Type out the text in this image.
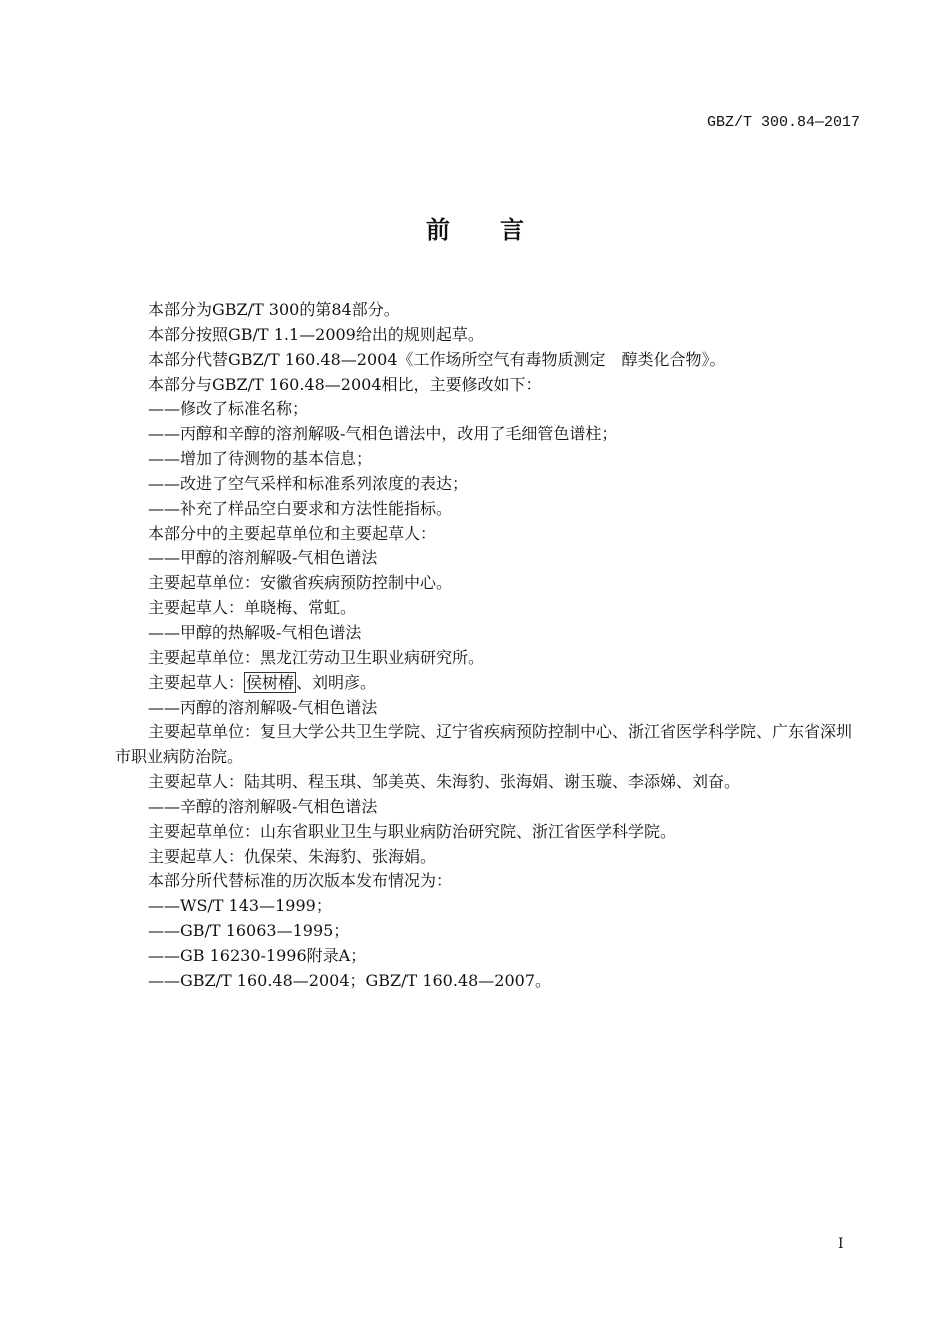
GBZ/T 300.84—2017
前言

本部分为GBZ/T 300的第84部分。

本部分按照GB/T 1.1—2009给出的规则起草。

本部分代替GBZ/T 160.48—2004《工作场所空气有毒物质测定　醇类化合物》。

本部分与GBZ/T 160.48—2004相比，主要修改如下：

——修改了标准名称；

——丙醇和辛醇的溶剂解吸-气相色谱法中，改用了毛细管色谱柱；

——增加了待测物的基本信息；

——改进了空气采样和标准系列浓度的表达；

——补充了样品空白要求和方法性能指标。

本部分中的主要起草单位和主要起草人：

——甲醇的溶剂解吸-气相色谱法

主要起草单位：安徽省疾病预防控制中心。

主要起草人：单晓梅、常虹。

——甲醇的热解吸-气相色谱法

主要起草单位：黑龙江劳动卫生职业病研究所。

主要起草人： 侯树椿 、刘明彦。

——丙醇的溶剂解吸-气相色谱法

主要起草单位：复旦大学公共卫生学院、辽宁省疾病预防控制中心、浙江省医学科学院、广东省深圳市职业病防治院。

主要起草人：陆其明、程玉琪、邹美英、朱海豹、张海娟、谢玉璇、李添娣、刘奋。

——辛醇的溶剂解吸-气相色谱法

主要起草单位：山东省职业卫生与职业病防治研究院、浙江省医学科学院。

主要起草人：仇保荣、朱海豹、张海娟。

本部分所代替标准的历次版本发布情况为：

——WS/T 143—1999；

——GB/T 16063—1995；

——GB 16230-1996附录A；

——GBZ/T 160.48—2004；GBZ/T 160.48—2007。

I
